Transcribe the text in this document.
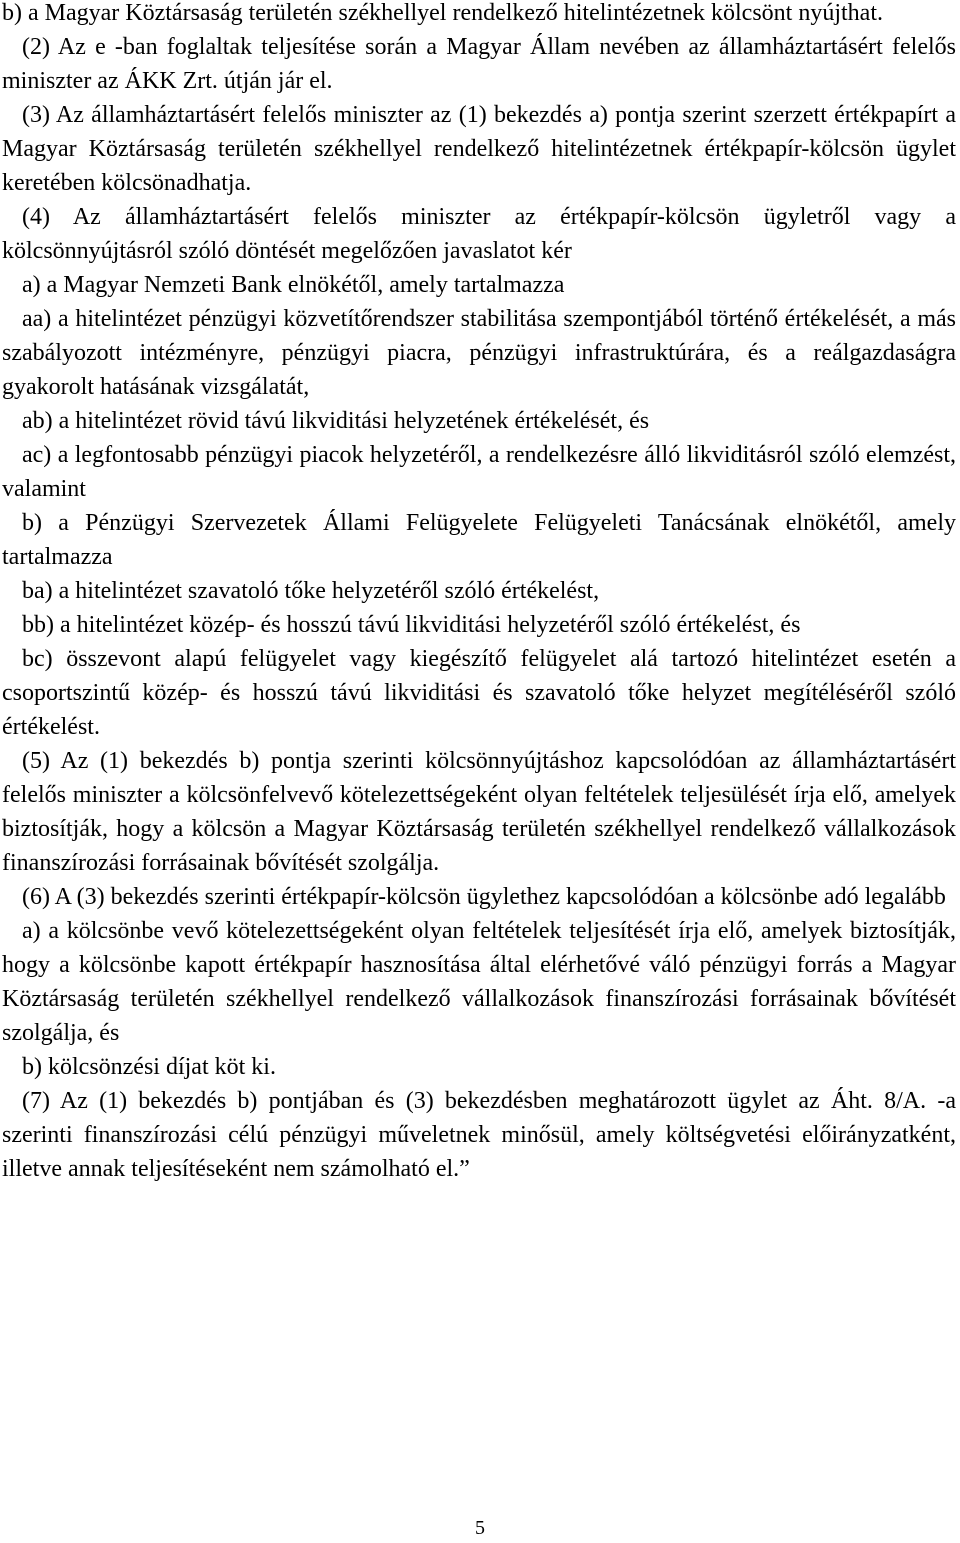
b) a Magyar Köztársaság területén székhellyel rendelkező hitelintézetnek kölcsönt nyújthat.

(2) Az e -ban foglaltak teljesítése során a Magyar Állam nevében az államháztartásért felelős miniszter az ÁKK Zrt. útján jár el.

(3) Az államháztartásért felelős miniszter az (1) bekezdés a) pontja szerint szerzett értékpapírt a Magyar Köztársaság területén székhellyel rendelkező hitelintézetnek értékpapír-kölcsön ügylet keretében kölcsönadhatja.

(4) Az államháztartásért felelős miniszter az értékpapír-kölcsön ügyletről vagy a kölcsönnyújtásról szóló döntését megelőzően javaslatot kér

a) a Magyar Nemzeti Bank elnökétől, amely tartalmazza

aa) a hitelintézet pénzügyi közvetítőrendszer stabilitása szempontjából történő értékelését, a más szabályozott intézményre, pénzügyi piacra, pénzügyi infrastruktúrára, és a reálgazdaságra gyakorolt hatásának vizsgálatát,

ab) a hitelintézet rövid távú likviditási helyzetének értékelését, és

ac) a legfontosabb pénzügyi piacok helyzetéről, a rendelkezésre álló likviditásról szóló elemzést, valamint

b) a Pénzügyi Szervezetek Állami Felügyelete Felügyeleti Tanácsának elnökétől, amely tartalmazza

ba) a hitelintézet szavatoló tőke helyzetéről szóló értékelést,

bb) a hitelintézet közép- és hosszú távú likviditási helyzetéről szóló értékelést, és

bc) összevont alapú felügyelet vagy kiegészítő felügyelet alá tartozó hitelintézet esetén a csoportszintű közép- és hosszú távú likviditási és szavatoló tőke helyzet megítéléséről szóló értékelést.

(5) Az (1) bekezdés b) pontja szerinti kölcsönnyújtáshoz kapcsolódóan az államháztartásért felelős miniszter a kölcsönfelvevő kötelezettségeként olyan feltételek teljesülését írja elő, amelyek biztosítják, hogy a kölcsön a Magyar Köztársaság területén székhellyel rendelkező vállalkozások finanszírozási forrásainak bővítését szolgálja.

(6) A (3) bekezdés szerinti értékpapír-kölcsön ügylethez kapcsolódóan a kölcsönbe adó legalább

a) a kölcsönbe vevő kötelezettségeként olyan feltételek teljesítését írja elő, amelyek biztosítják, hogy a kölcsönbe kapott értékpapír hasznosítása által elérhetővé váló pénzügyi forrás a Magyar Köztársaság területén székhellyel rendelkező vállalkozások finanszírozási forrásainak bővítését szolgálja, és

b) kölcsönzési díjat köt ki.

(7) Az (1) bekezdés b) pontjában és (3) bekezdésben meghatározott ügylet az Áht. 8/A. -a szerinti finanszírozási célú pénzügyi műveletnek minősül, amely költségvetési előirányzatként, illetve annak teljesítéseként nem számolható el.”

5
